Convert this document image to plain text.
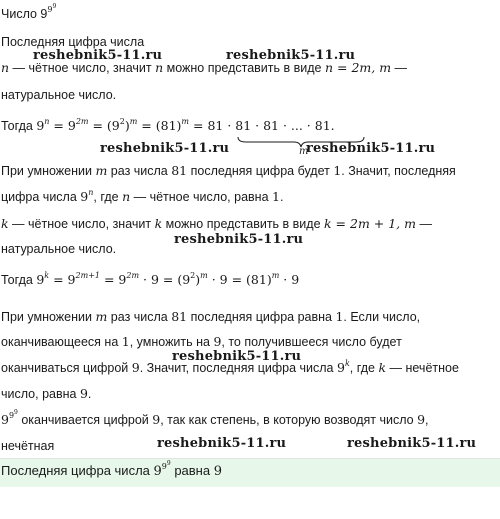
Число $9^{9^9}$
Последняя цифра числа
reshebnik5-11.ru	reshebnik5-11.ru
n — чётное число, значит n можно представить в виде n = 2m, m —
натуральное число.
Тогда $9^n = 9^{2m} = (9^2)^m = (81)^m = 81 \cdot 81 \cdot 81$ · ... · 81.
m
reshebnik5-11.ru	reshebnik5-11.ru
При умножении m раз числа 81 последняя цифра будет 1. Значит, последняя
цифра числа 9$^n$, где n — чётное число, равна 1.
k — чётное число, значит k можно представить в виде k = 2m + 1, m —
reshebnik5-11.ru
натуральное число.
Тогда $9^k = 9^{2m+1} = 9^{2m} \cdot 9 = (9^2)^m \cdot 9 = (81)^m \cdot 9$
При умножении m раз числа 81 последняя цифра равна 1. Если число,
оканчивающееся на 1, умножить на 9, то получившееся число будет
reshebnik5-11.ru
оканчиваться цифрой 9. Значит, последняя цифра числа 9$^k$, где k — нечётное
число, равна 9.
$9^{9^9}$ оканчивается цифрой 9, так как степень, в которую возводят число 9,
нечётная	reshebnik5-11.ru	reshebnik5-11.ru
Последняя цифра числа $9^{9^9}$ равна 9
